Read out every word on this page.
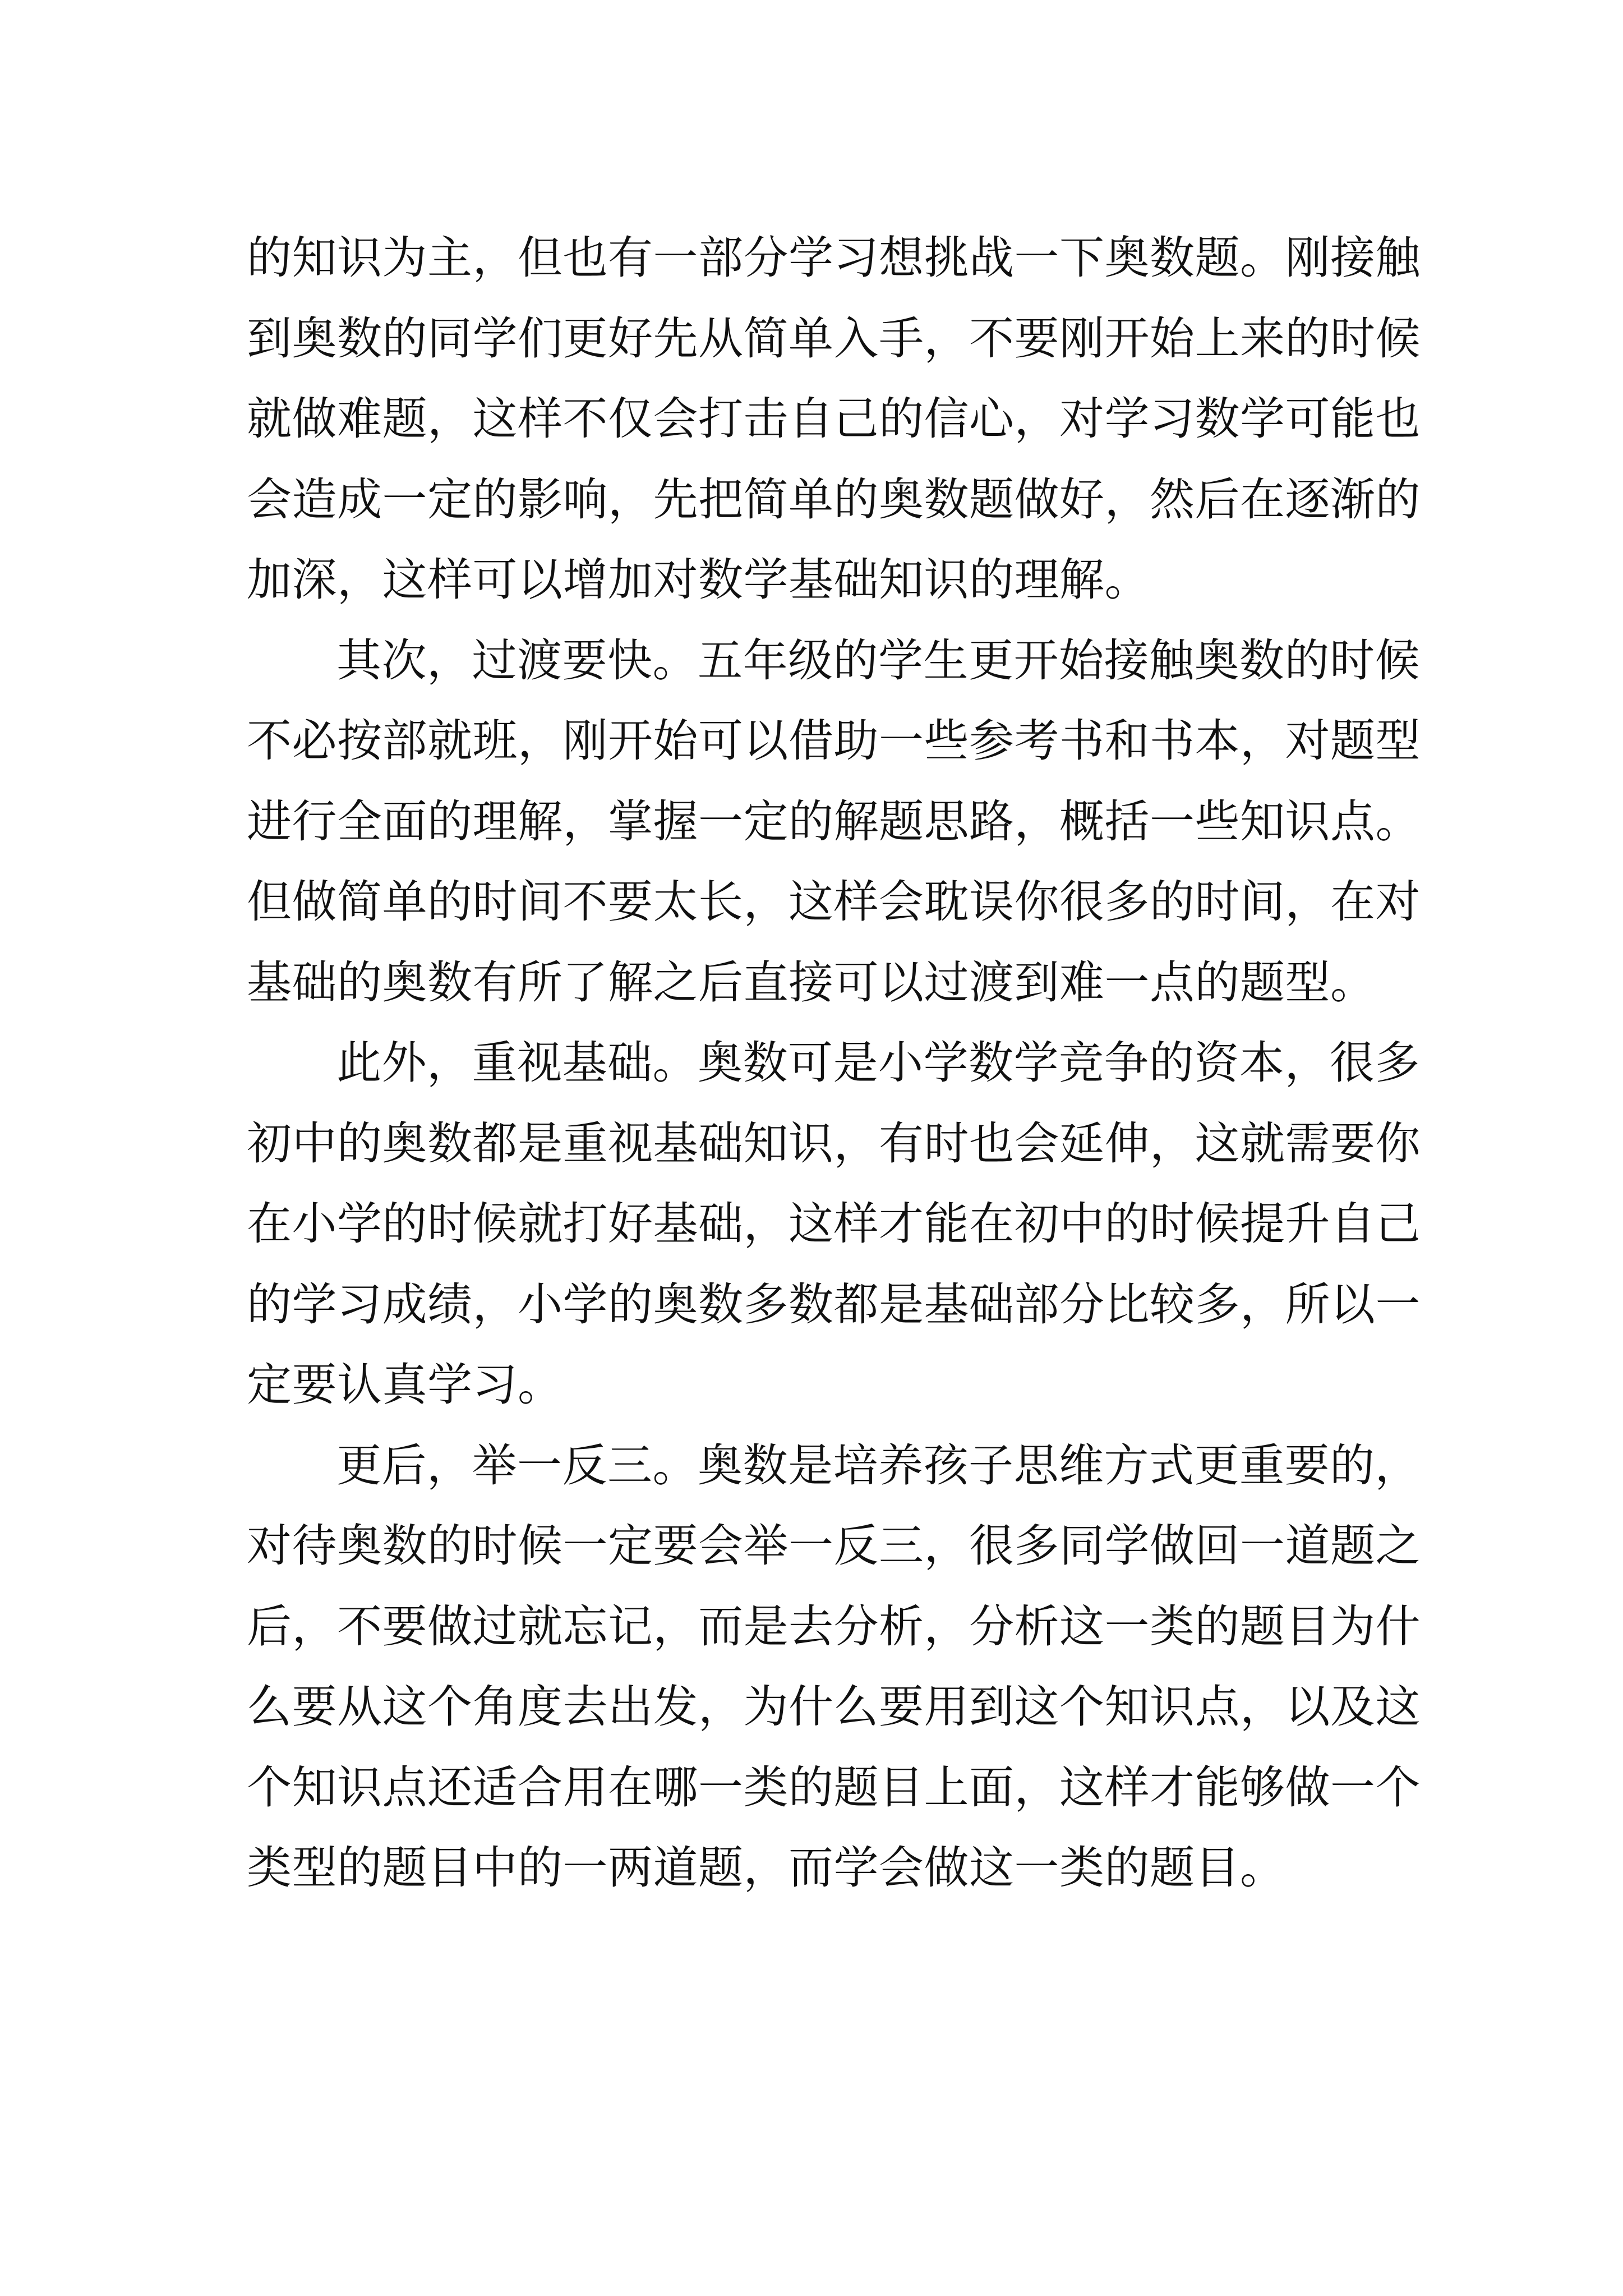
的知识为主，但也有一部分学习想挑战一下奥数题。刚接触
到奥数的同学们更好先从简单入手，不要刚开始上来的时候
就做难题，这样不仅会打击自己的信心，对学习数学可能也
会造成一定的影响，先把简单的奥数题做好，然后在逐渐的
加深，这样可以增加对数学基础知识的理解。
其次，过渡要快。五年级的学生更开始接触奥数的时候
不必按部就班，刚开始可以借助一些参考书和书本，对题型
进行全面的理解，掌握一定的解题思路，概括一些知识点。
但做简单的时间不要太长，这样会耽误你很多的时间，在对
基础的奥数有所了解之后直接可以过渡到难一点的题型。
此外，重视基础。奥数可是小学数学竞争的资本，很多
初中的奥数都是重视基础知识，有时也会延伸，这就需要你
在小学的时候就打好基础，这样才能在初中的时候提升自己
的学习成绩，小学的奥数多数都是基础部分比较多，所以一
定要认真学习。
更后，举一反三。奥数是培养孩子思维方式更重要的，
对待奥数的时候一定要会举一反三，很多同学做回一道题之
后，不要做过就忘记，而是去分析，分析这一类的题目为什
么要从这个角度去出发，为什么要用到这个知识点，以及这
个知识点还适合用在哪一类的题目上面，这样才能够做一个
类型的题目中的一两道题，而学会做这一类的题目。
